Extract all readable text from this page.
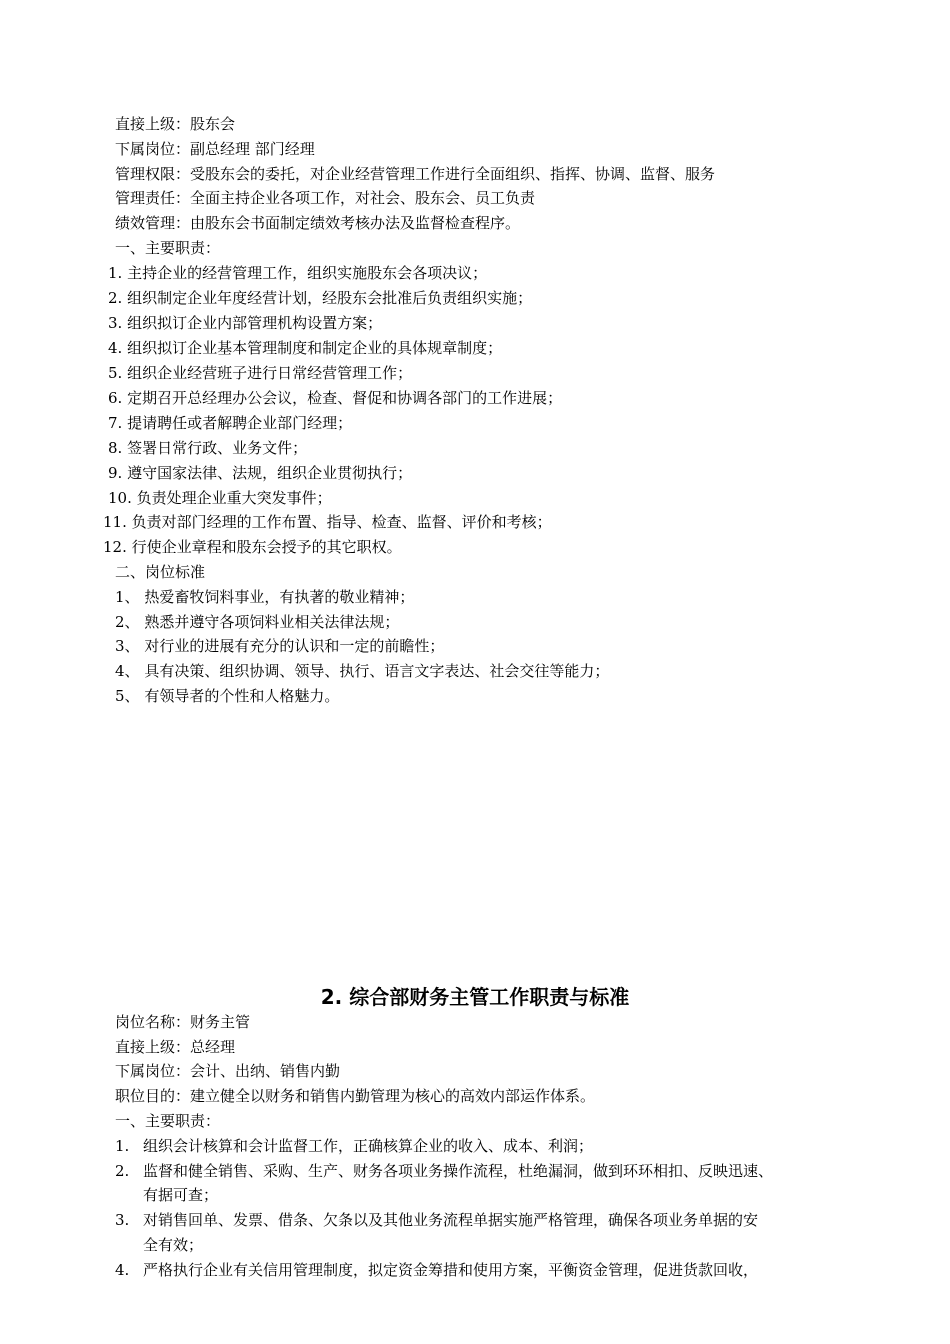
直接上级：股东会
下属岗位：副总经理 部门经理
管理权限：受股东会的委托，对企业经营管理工作进行全面组织、指挥、协调、监督、服务
管理责任：全面主持企业各项工作，对社会、股东会、员工负责
绩效管理：由股东会书面制定绩效考核办法及监督检查程序。
一、主要职责：
1. 主持企业的经营管理工作，组织实施股东会各项决议；
2. 组织制定企业年度经营计划，经股东会批准后负责组织实施；
3. 组织拟订企业内部管理机构设置方案；
4. 组织拟订企业基本管理制度和制定企业的具体规章制度；
5. 组织企业经营班子进行日常经营管理工作；
6. 定期召开总经理办公会议，检查、督促和协调各部门的工作进展；
7. 提请聘任或者解聘企业部门经理；
8. 签署日常行政、业务文件；
9. 遵守国家法律、法规，组织企业贯彻执行；
10. 负责处理企业重大突发事件；
11. 负责对部门经理的工作布置、指导、检查、监督、评价和考核；
12. 行使企业章程和股东会授予的其它职权。
二、岗位标准
1、 热爱畜牧饲料事业，有执著的敬业精神；
2、 熟悉并遵守各项饲料业相关法律法规；
3、 对行业的进展有充分的认识和一定的前瞻性；
4、 具有决策、组织协调、领导、执行、语言文字表达、社会交往等能力；
5、 有领导者的个性和人格魅力。
2. 综合部财务主管工作职责与标准
岗位名称：财务主管
直接上级：总经理
下属岗位：会计、出纳、销售内勤
职位目的：建立健全以财务和销售内勤管理为核心的高效内部运作体系。
一、主要职责：
1. 组织会计核算和会计监督工作，正确核算企业的收入、成本、利润；
2. 监督和健全销售、采购、生产、财务各项业务操作流程，杜绝漏洞，做到环环相扣、反映迅速、
有据可查；
3. 对销售回单、发票、借条、欠条以及其他业务流程单据实施严格管理，确保各项业务单据的安
全有效；
4. 严格执行企业有关信用管理制度，拟定资金筹措和使用方案，平衡资金管理，促进货款回收，
